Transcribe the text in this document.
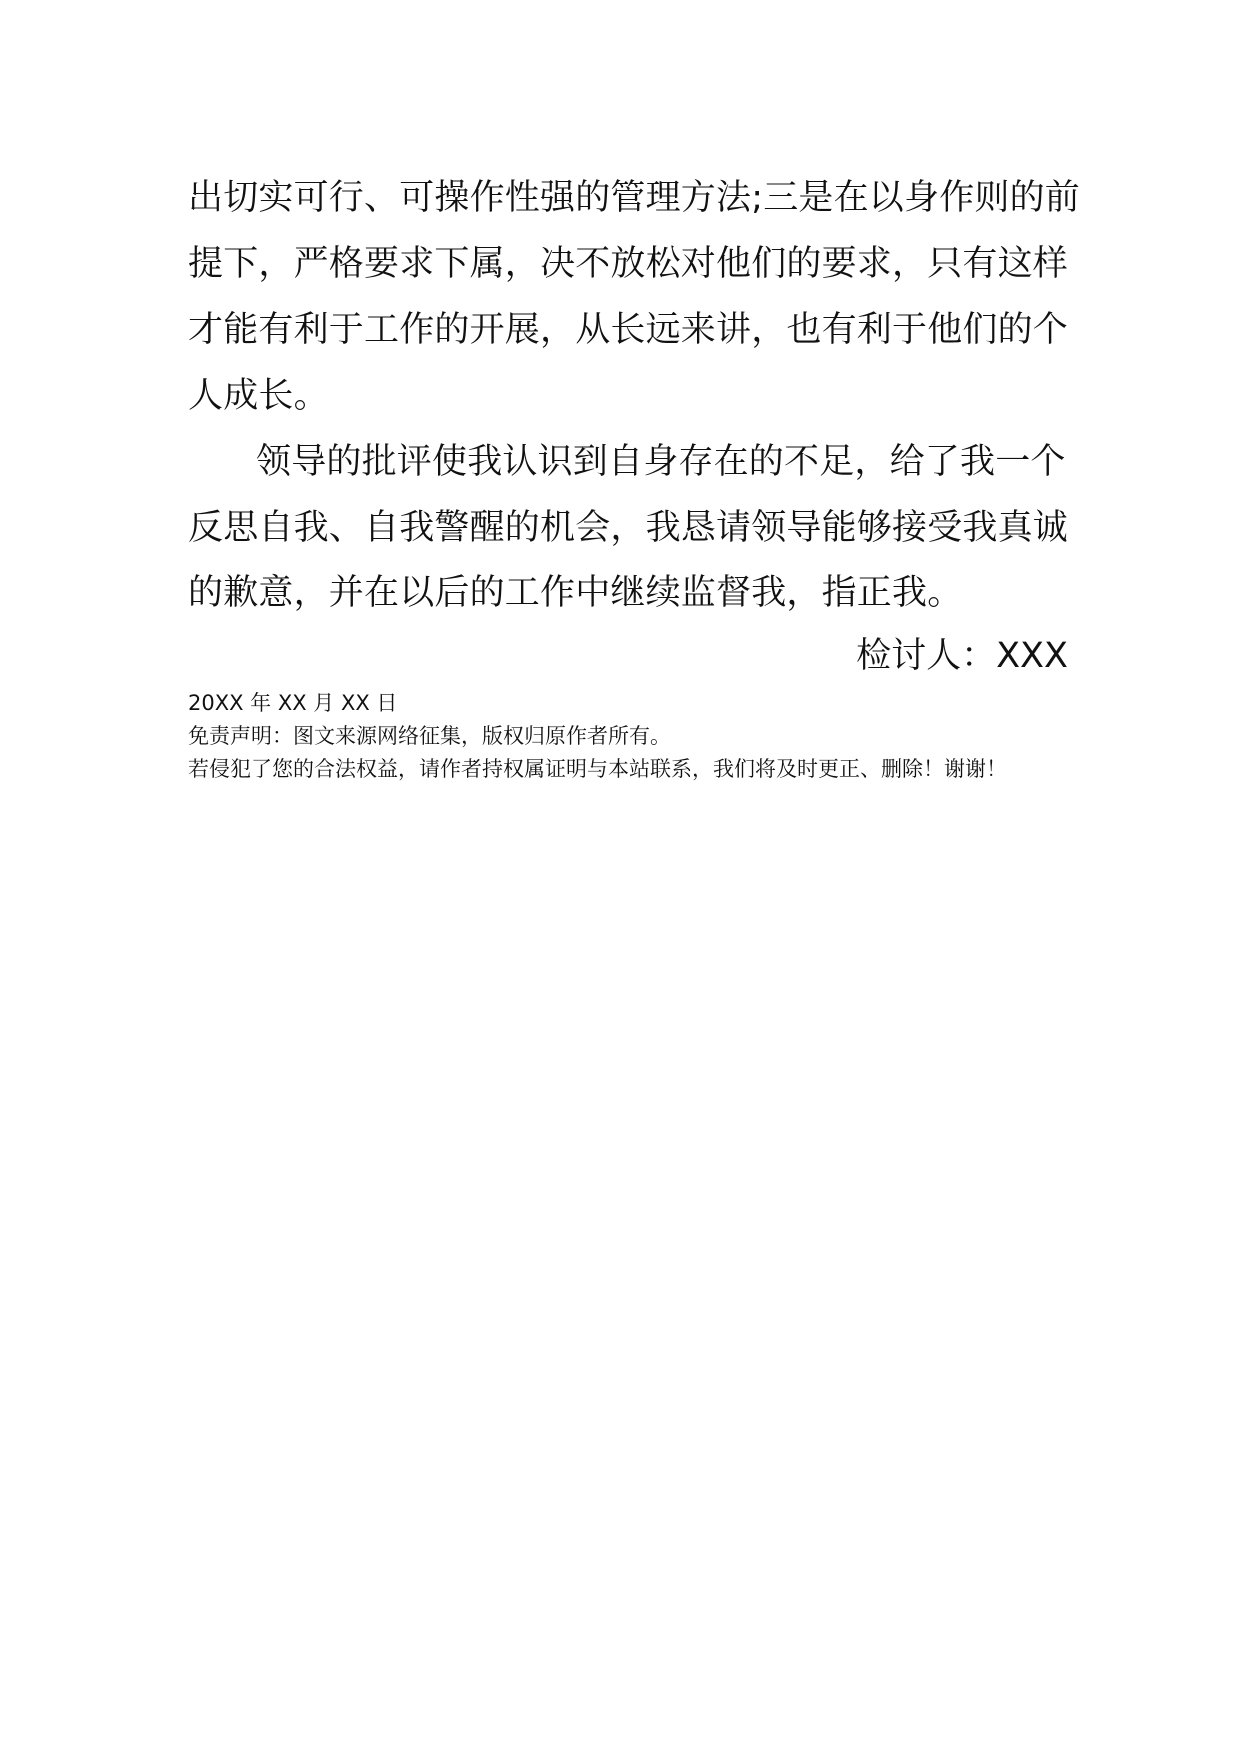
出切实可行、可操作性强的管理方法;三是在以身作则的前
提下，严格要求下属，决不放松对他们的要求，只有这样
才能有利于工作的开展，从长远来讲，也有利于他们的个
人成长。
领导的批评使我认识到自身存在的不足，给了我一个
反思自我、自我警醒的机会，我恳请领导能够接受我真诚
的歉意，并在以后的工作中继续监督我，指正我。
检讨人：XXX
20XX 年 XX 月 XX 日
免责声明：图文来源网络征集，版权归原作者所有。
若侵犯了您的合法权益，请作者持权属证明与本站联系，我们将及时更正、删除！谢谢！
